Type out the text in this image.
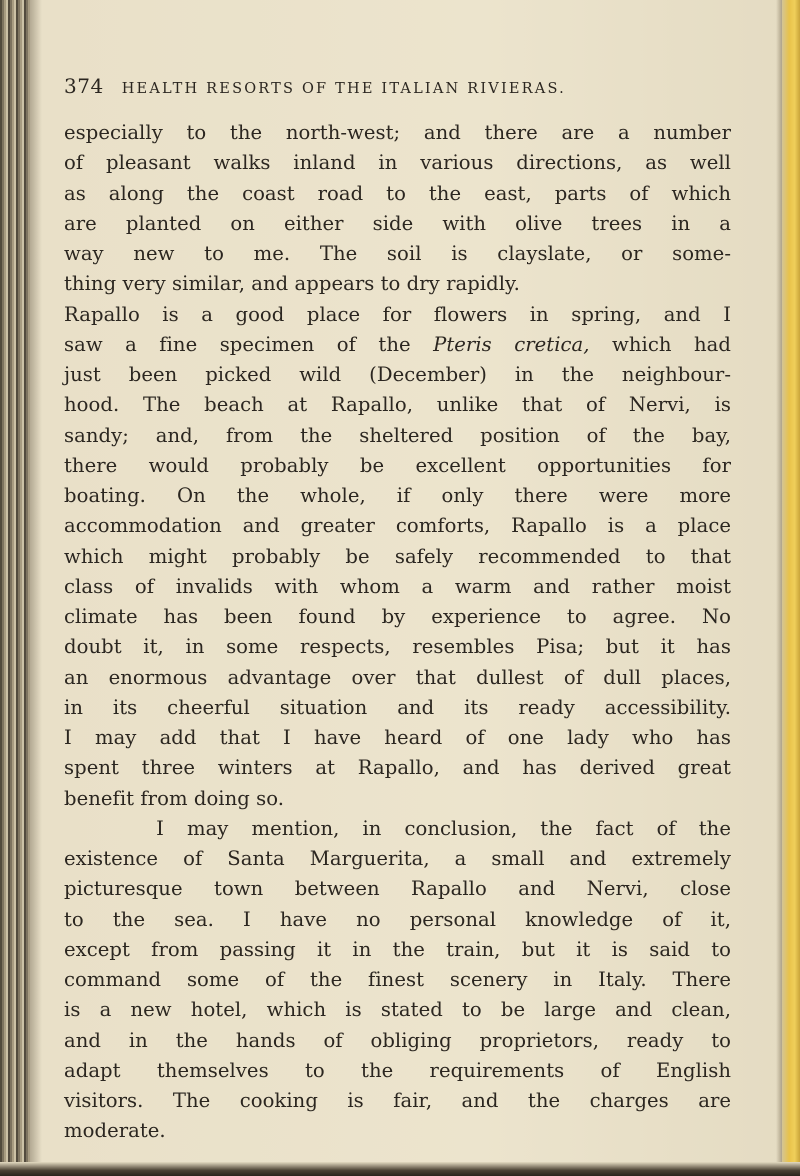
374 HEALTH RESORTS OF THE ITALIAN RIVIERAS.
especially to the north-west; and there are a number
of pleasant walks inland in various directions, as well
as along the coast road to the east, parts of which
are planted on either side with olive trees in a
way new to me. The soil is clayslate, or some-
thing very similar, and appears to dry rapidly.
Rapallo is a good place for flowers in spring, and I
saw a fine specimen of the Pteris cretica, which had
just been picked wild (December) in the neighbour-
hood. The beach at Rapallo, unlike that of Nervi, is
sandy; and, from the sheltered position of the bay,
there would probably be excellent opportunities for
boating. On the whole, if only there were more
accommodation and greater comforts, Rapallo is a place
which might probably be safely recommended to that
class of invalids with whom a warm and rather moist
climate has been found by experience to agree. No
doubt it, in some respects, resembles Pisa; but it has
an enormous advantage over that dullest of dull places,
in its cheerful situation and its ready accessibility.
I may add that I have heard of one lady who has
spent three winters at Rapallo, and has derived great
benefit from doing so.
I may mention, in conclusion, the fact of the
existence of Santa Marguerita, a small and extremely
picturesque town between Rapallo and Nervi, close
to the sea. I have no personal knowledge of it,
except from passing it in the train, but it is said to
command some of the finest scenery in Italy. There
is a new hotel, which is stated to be large and clean,
and in the hands of obliging proprietors, ready to
adapt themselves to the requirements of English
visitors. The cooking is fair, and the charges are
moderate.
